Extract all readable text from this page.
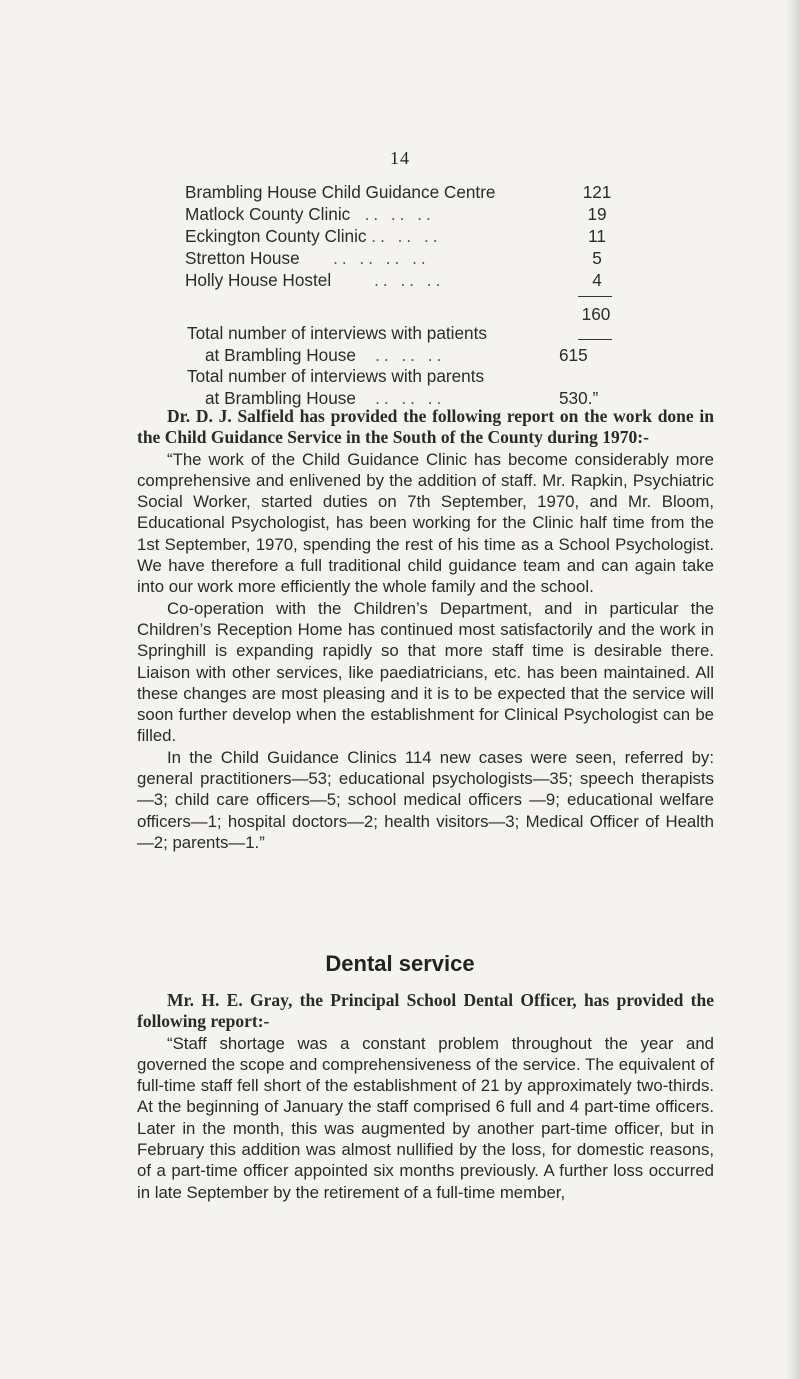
14
Brambling House Child Guidance Centre	121
Matlock County Clinic .. .. ..	19
Eckington County Clinic .. .. ..	11
Stretton House .. .. .. ..	5
Holly House Hostel .. .. ..	4
160
Total number of interviews with patients
at Brambling House .. .. ..	615
Total number of interviews with parents
at Brambling House .. .. ..	530.”

Dr. D. J. Salfield has provided the following report on the work done in the Child Guidance Service in the South of the County during 1970:-

“The work of the Child Guidance Clinic has become considerably more comprehensive and enlivened by the addition of staff. Mr. Rapkin, Psychiatric Social Worker, started duties on 7th September, 1970, and Mr. Bloom, Educational Psychologist, has been working for the Clinic half time from the 1st September, 1970, spending the rest of his time as a School Psychologist. We have therefore a full traditional child guidance team and can again take into our work more efficiently the whole family and the school.

Co-operation with the Children’s Department, and in particular the Children’s Reception Home has continued most satisfactorily and the work in Springhill is expanding rapidly so that more staff time is desirable there. Liaison with other services, like paediatricians, etc. has been maintained. All these changes are most pleasing and it is to be expected that the service will soon further develop when the establishment for Clinical Psychologist can be filled.

In the Child Guidance Clinics 114 new cases were seen, referred by: general practitioners—53; educational psychologists—35; speech therapists—3; child care officers—5; school medical officers —9; educational welfare officers—1; hospital doctors—2; health visitors—3; Medical Officer of Health—2; parents—1.”

Dental service

Mr. H. E. Gray, the Principal School Dental Officer, has provided the following report:-

“Staff shortage was a constant problem throughout the year and governed the scope and comprehensiveness of the service. The equivalent of full-time staff fell short of the establishment of 21 by approximately two-thirds. At the beginning of January the staff comprised 6 full and 4 part-time officers. Later in the month, this was augmented by another part-time officer, but in February this addition was almost nullified by the loss, for domestic reasons, of a part-time officer appointed six months previously. A further loss occurred in late September by the retirement of a full-time member,
